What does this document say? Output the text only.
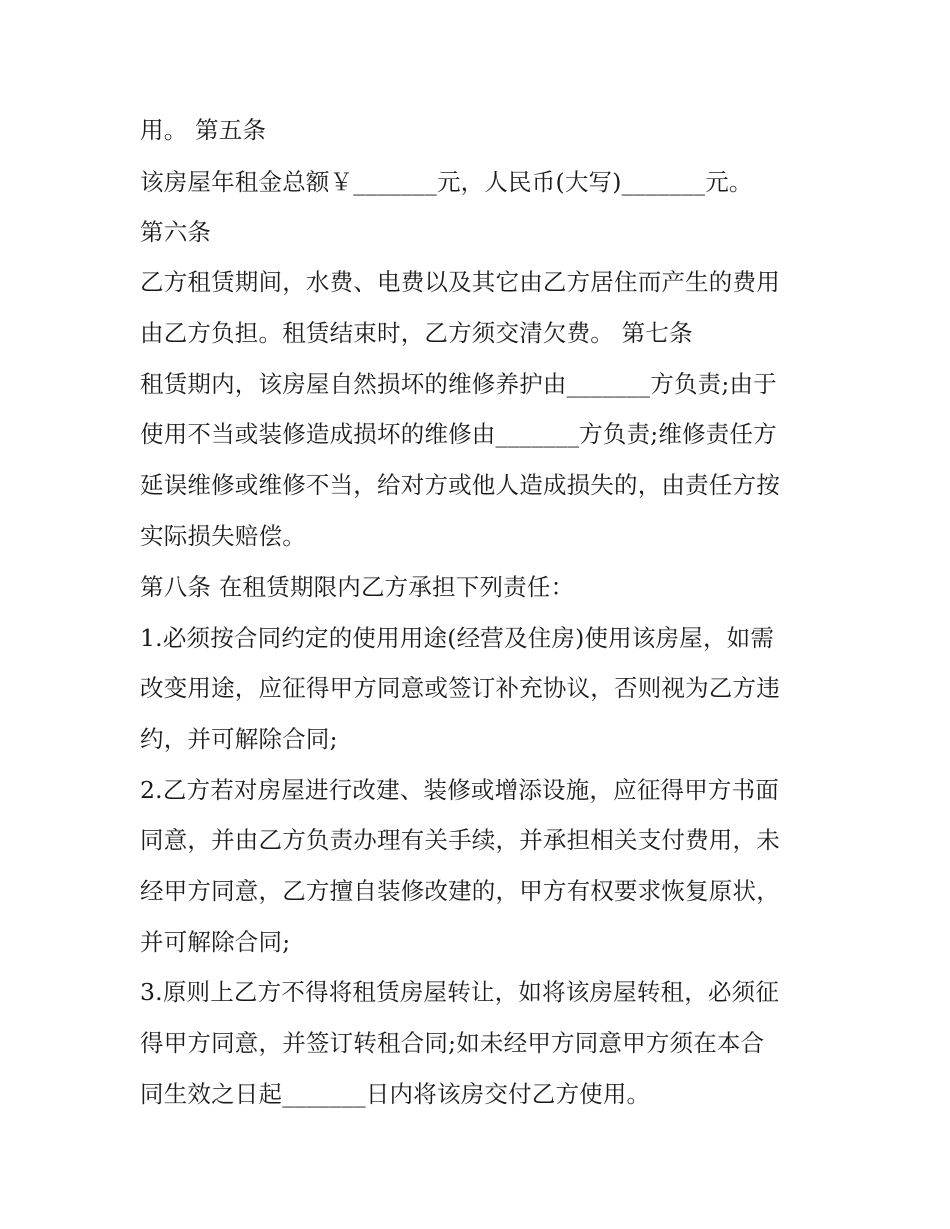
用。 第五条
该房屋年租金总额￥_______元，人民币(大写)_______元。
第六条
乙方租赁期间，水费、电费以及其它由乙方居住而产生的费用
由乙方负担。租赁结束时，乙方须交清欠费。 第七条
租赁期内，该房屋自然损坏的维修养护由_______方负责;由于
使用不当或装修造成损坏的维修由_______方负责;维修责任方
延误维修或维修不当，给对方或他人造成损失的，由责任方按
实际损失赔偿。
第八条 在租赁期限内乙方承担下列责任：
1.必须按合同约定的使用用途(经营及住房)使用该房屋，如需
改变用途，应征得甲方同意或签订补充协议，否则视为乙方违
约，并可解除合同;
2.乙方若对房屋进行改建、装修或增添设施，应征得甲方书面
同意，并由乙方负责办理有关手续，并承担相关支付费用，未
经甲方同意，乙方擅自装修改建的，甲方有权要求恢复原状，
并可解除合同;
3.原则上乙方不得将租赁房屋转让，如将该房屋转租，必须征
得甲方同意，并签订转租合同;如未经甲方同意甲方须在本合
同生效之日起_______日内将该房交付乙方使用。
